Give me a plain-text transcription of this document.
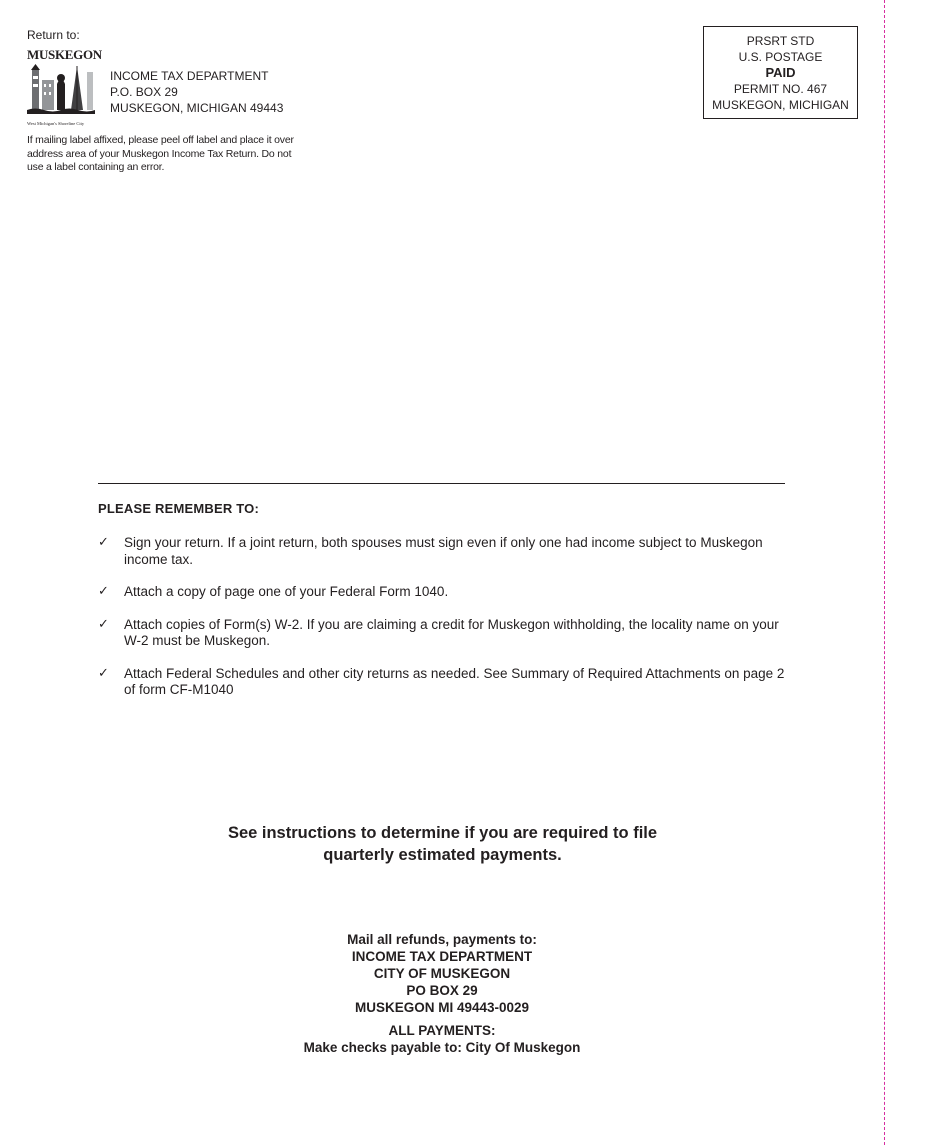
Return to:
MUSKEGON
West Michigan's Shoreline City
INCOME TAX DEPARTMENT
P.O. BOX 29
MUSKEGON, MICHIGAN 49443
If mailing label affixed, please peel off label and place it over address area of your Muskegon Income Tax Return. Do not use a label containing an error.
PRSRT STD
U.S. POSTAGE
PAID
PERMIT NO. 467
MUSKEGON, MICHIGAN
PLEASE REMEMBER TO:
✓	Sign your return. If a joint return, both spouses must sign even if only one had income subject to Muskegon income tax.
✓	Attach a copy of page one of your Federal Form 1040.
✓	Attach copies of Form(s) W-2. If you are claiming a credit for Muskegon withholding, the locality name on your W-2 must be Muskegon.
✓	Attach Federal Schedules and other city returns as needed. See Summary of Required Attachments on page 2 of form CF-M1040
See instructions to determine if you are required to file
quarterly estimated payments.
Mail all refunds, payments to:
INCOME TAX DEPARTMENT
CITY OF MUSKEGON
PO BOX 29
MUSKEGON MI 49443-0029
ALL PAYMENTS:
Make checks payable to: City Of Muskegon
